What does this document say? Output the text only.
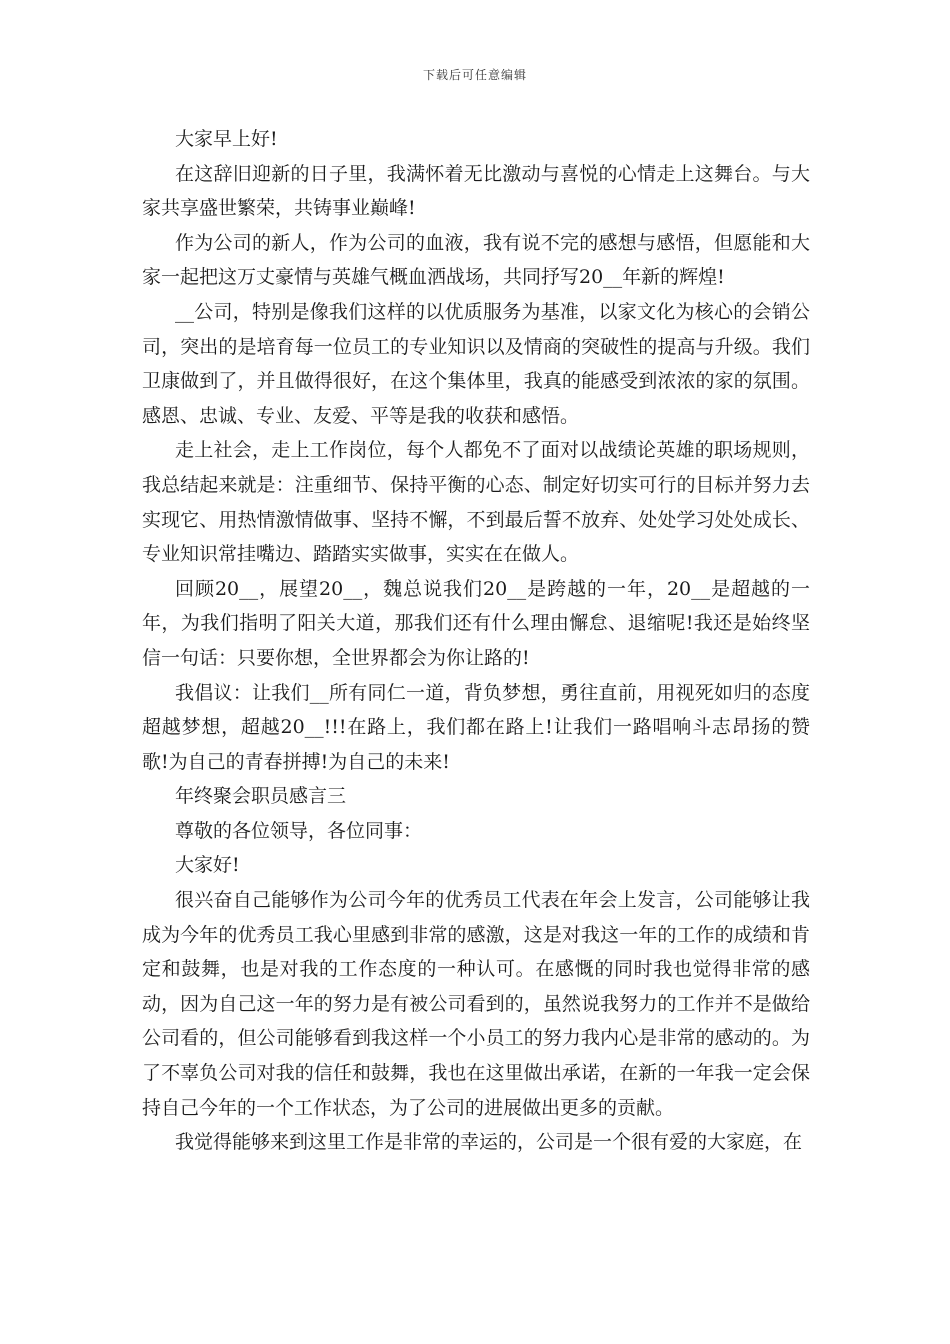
下载后可任意编辑

大家早上好!

在这辞旧迎新的日子里，我满怀着无比激动与喜悦的心情走上这舞台。与大家共享盛世繁荣，共铸事业巅峰!

作为公司的新人，作为公司的血液，我有说不完的感想与感悟，但愿能和大家一起把这万丈豪情与英雄气概血洒战场，共同抒写20__年新的辉煌!

__公司，特别是像我们这样的以优质服务为基准，以家文化为核心的会销公司，突出的是培育每一位员工的专业知识以及情商的突破性的提高与升级。我们卫康做到了，并且做得很好，在这个集体里，我真的能感受到浓浓的家的氛围。感恩、忠诚、专业、友爱、平等是我的收获和感悟。

走上社会，走上工作岗位，每个人都免不了面对以战绩论英雄的职场规则，我总结起来就是：注重细节、保持平衡的心态、制定好切实可行的目标并努力去实现它、用热情激情做事、坚持不懈，不到最后誓不放弃、处处学习处处成长、专业知识常挂嘴边、踏踏实实做事，实实在在做人。

回顾20__，展望20__，魏总说我们20__是跨越的一年，20__是超越的一年，为我们指明了阳关大道，那我们还有什么理由懈怠、退缩呢!我还是始终坚信一句话：只要你想，全世界都会为你让路的!

我倡议：让我们__所有同仁一道，背负梦想，勇往直前，用视死如归的态度超越梦想，超越20__!!!在路上，我们都在路上!让我们一路唱响斗志昂扬的赞歌!为自己的青春拼搏!为自己的未来!

年终聚会职员感言三

尊敬的各位领导，各位同事：

大家好!

很兴奋自己能够作为公司今年的优秀员工代表在年会上发言，公司能够让我成为今年的优秀员工我心里感到非常的感激，这是对我这一年的工作的成绩和肯定和鼓舞，也是对我的工作态度的一种认可。在感慨的同时我也觉得非常的感动，因为自己这一年的努力是有被公司看到的，虽然说我努力的工作并不是做给公司看的，但公司能够看到我这样一个小员工的努力我内心是非常的感动的。为了不辜负公司对我的信任和鼓舞，我也在这里做出承诺，在新的一年我一定会保持自己今年的一个工作状态，为了公司的进展做出更多的贡献。

我觉得能够来到这里工作是非常的幸运的，公司是一个很有爱的大家庭，在
